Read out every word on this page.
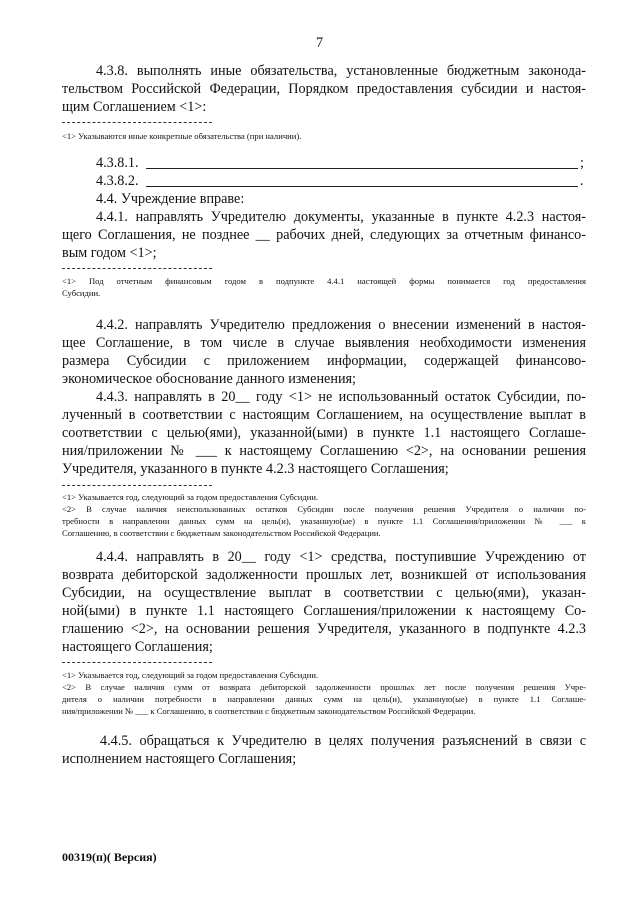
7
4.3.8. выполнять иные обязательства, установленные бюджетным законода-
тельством Российской Федерации, Порядком предоставления субсидии и настоя-
щим Соглашением <1>:
<1> Указываются иные конкретные обязательства (при наличии).
4.3.8.1.	;
4.3.8.2.	.
4.4. Учреждение вправе:
4.4.1. направлять Учредителю документы, указанные в пункте 4.2.3 настоя-
щего Соглашения, не позднее __ рабочих дней, следующих за отчетным финансо-
вым годом <1>;
<1> Под отчетным финансовым годом в подпункте 4.4.1 настоящей формы понимается год предоставления
Субсидии.
4.4.2. направлять Учредителю предложения о внесении изменений в настоя-
щее Соглашение, в том числе в случае выявления необходимости изменения
размера Субсидии с приложением информации, содержащей финансово-
экономическое обоснование данного изменения;
4.4.3. направлять в 20__ году <1> не использованный остаток Субсидии, по-
лученный в соответствии с настоящим Соглашением, на осуществление выплат в
соответствии с целью(ями), указанной(ыми) в пункте 1.1 настоящего Соглаше-
ния/приложении № ___ к настоящему Соглашению <2>, на основании решения
Учредителя, указанного в пункте 4.2.3 настоящего Соглашения;
<1> Указывается год, следующий за годом предоставления Субсидии.
<2> В случае наличия неиспользованных остатков Субсидии после получения решения Учредителя о наличии по-
требности в направлении данных сумм на цель(и), указанную(ые) в пункте 1.1 Соглашения/приложении № ___ к
Соглашению, в соответствии с бюджетным законодательством Российской Федерации.
4.4.4. направлять в 20__ году <1> средства, поступившие Учреждению от
возврата дебиторской задолженности прошлых лет, возникшей от использования
Субсидии, на осуществление выплат в соответствии с целью(ями), указан-
ной(ыми) в пункте 1.1 настоящего Соглашения/приложении к настоящему Со-
глашению <2>, на основании решения Учредителя, указанного в подпункте 4.2.3
настоящего Соглашения;
<1> Указывается год, следующий за годом предоставления Субсидии.
<2> В случае наличия сумм от возврата дебиторской задолженности прошлых лет после получения решения Учре-
дителя о наличии потребности в направлении данных сумм на цель(и), указанную(ые) в пункте 1.1 Соглаше-
ния/приложении № ___ к Соглашению, в соответствии с бюджетным законодательством Российской Федерации.
4.4.5. обращаться к Учредителю в целях получения разъяснений в связи с
исполнением настоящего Соглашения;
00319(п)( Версия)
